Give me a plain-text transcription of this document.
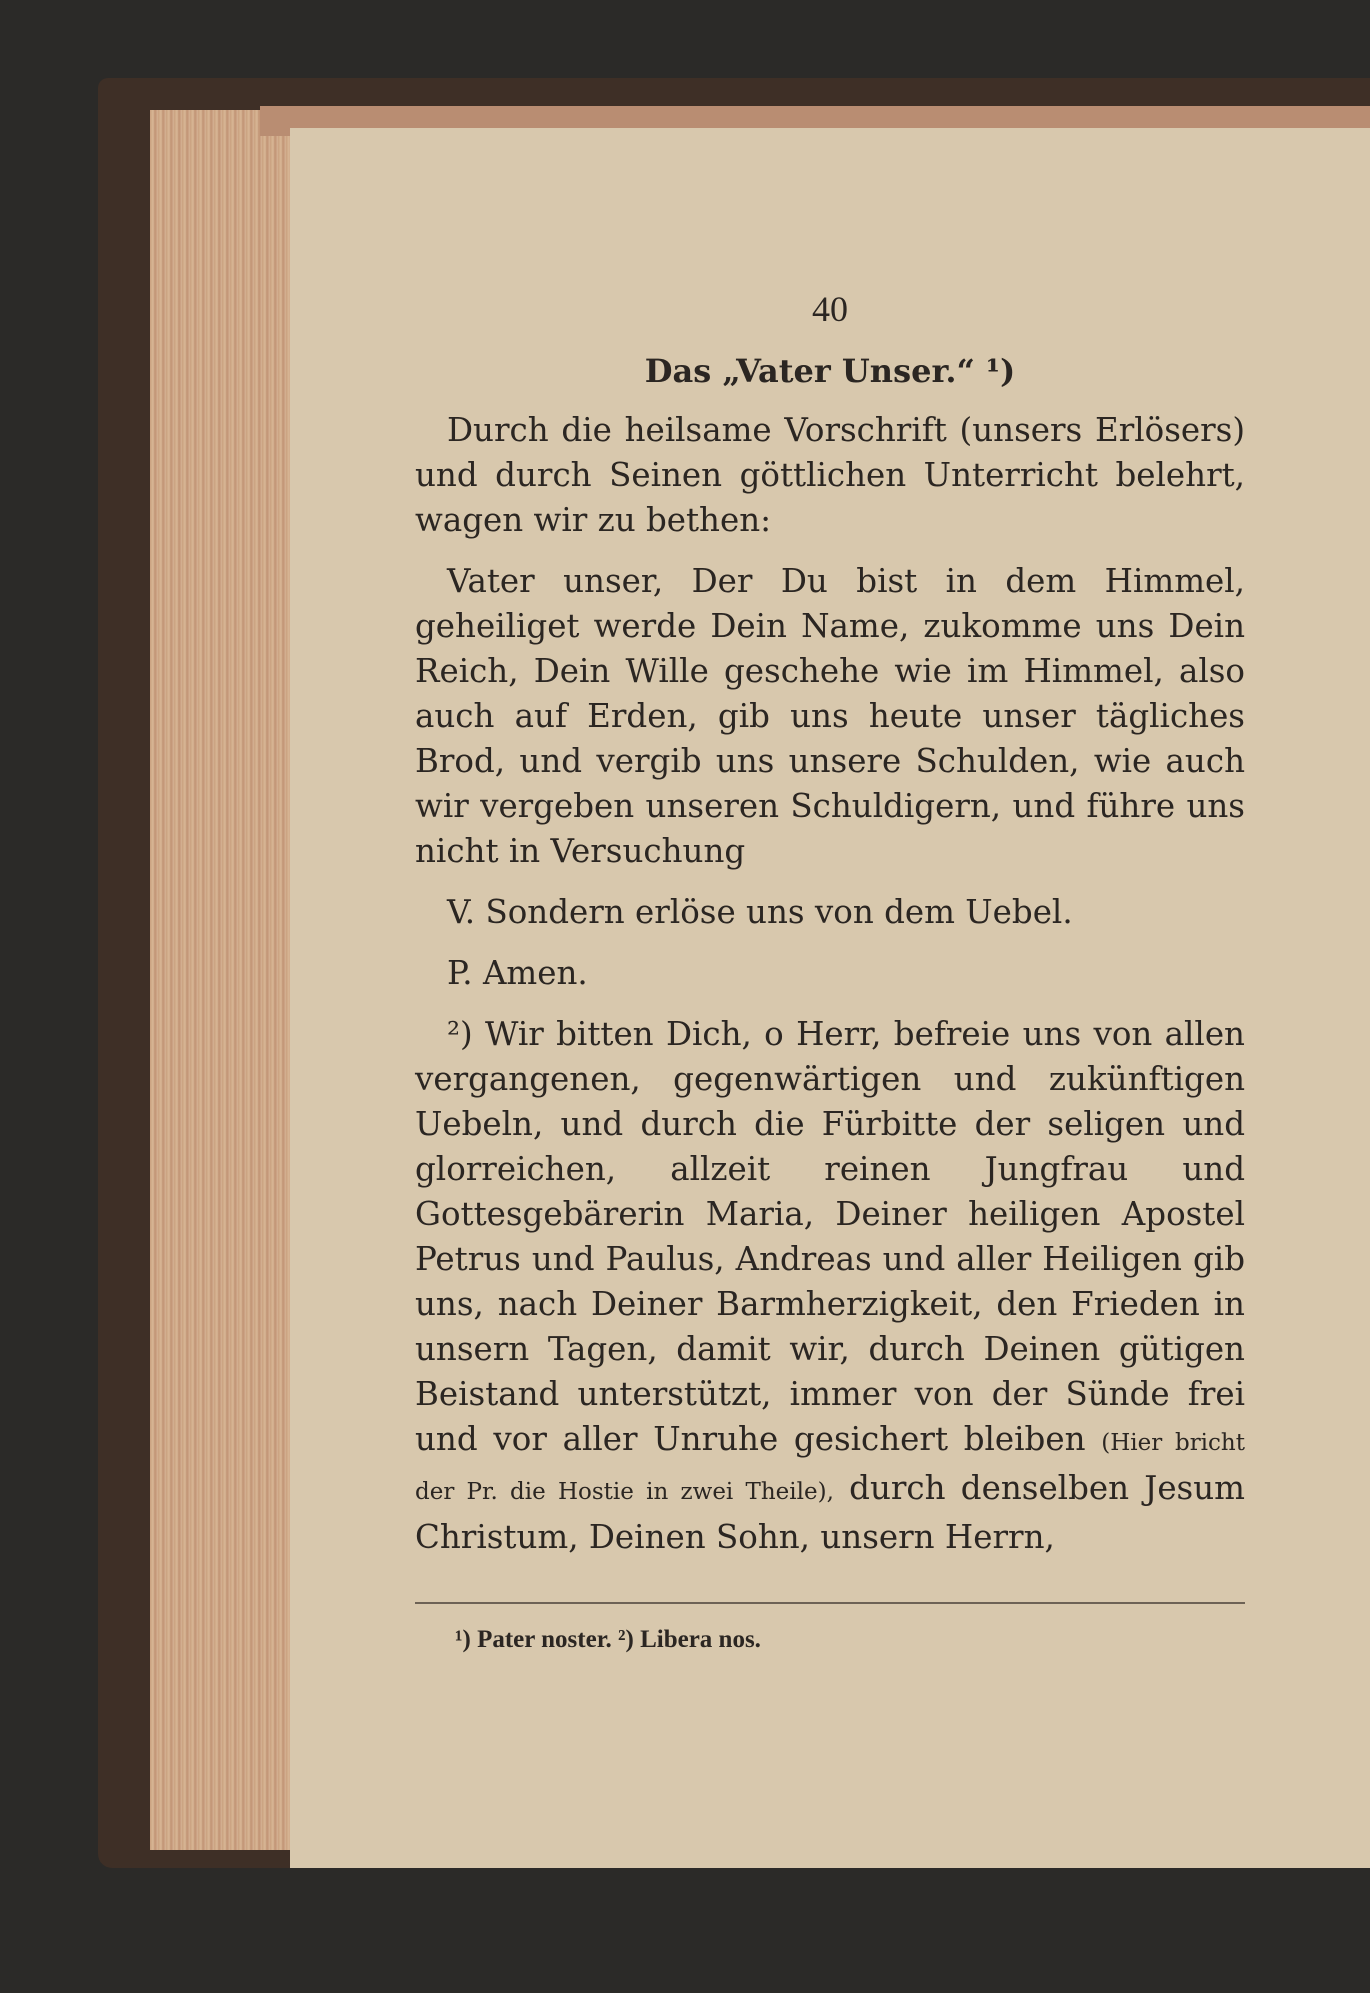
40
Das „Vater Unser.“ ¹)

Durch die heilsame Vorschrift (unsers Erlösers) und durch Seinen göttlichen Unterricht belehrt, wagen wir zu bethen:

Vater unser, Der Du bist in dem Himmel, geheiliget werde Dein Name, zukomme uns Dein Reich, Dein Wille geschehe wie im Himmel, also auch auf Erden, gib uns heute unser tägliches Brod, und vergib uns unsere Schulden, wie auch wir vergeben unseren Schuldigern, und führe uns nicht in Versuchung

V. Sondern erlöse uns von dem Uebel.

P. Amen.

²) Wir bitten Dich, o Herr, befreie uns von allen vergangenen, gegenwärtigen und zukünftigen Uebeln, und durch die Fürbitte der seligen und glorreichen, allzeit reinen Jungfrau und Gottesgebärerin Maria, Deiner heiligen Apostel Petrus und Paulus, Andreas und aller Heiligen gib uns, nach Deiner Barmherzigkeit, den Frieden in unsern Tagen, damit wir, durch Deinen gütigen Beistand unterstützt, immer von der Sünde frei und vor aller Unruhe gesichert bleiben (Hier bricht der Pr. die Hostie in zwei Theile), durch denselben Jesum Christum, Deinen Sohn, unsern Herrn,

¹) Pater noster. ²) Libera nos.
